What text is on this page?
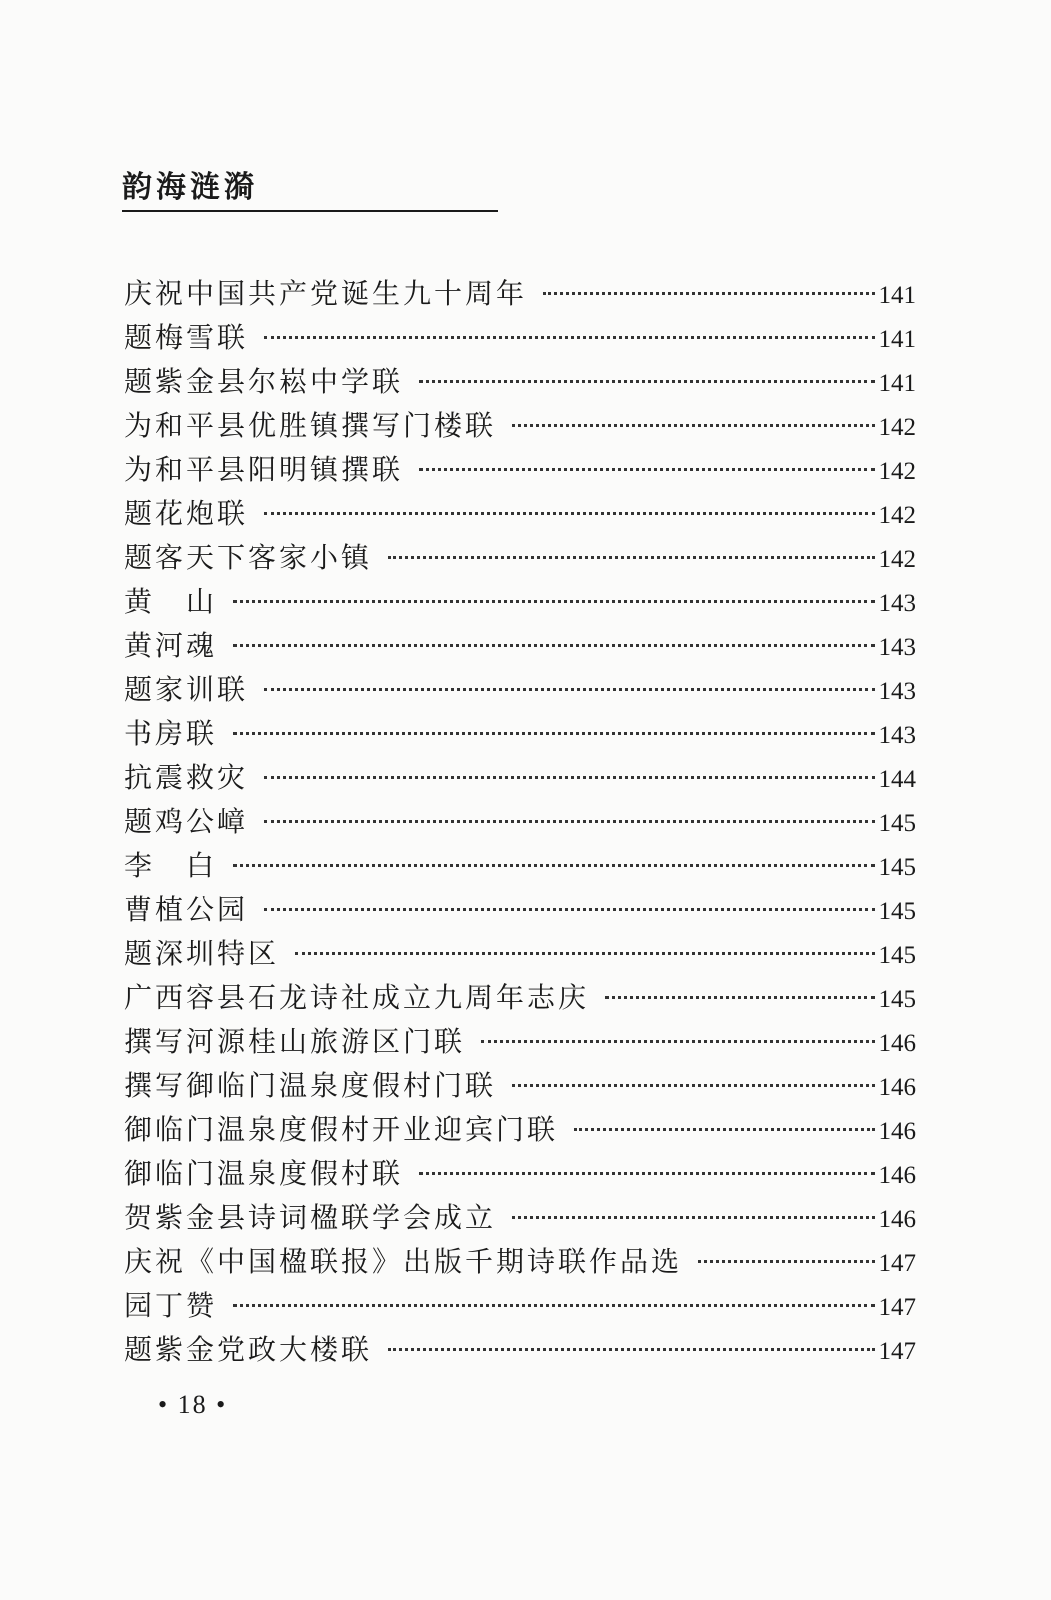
韵海涟漪
庆祝中国共产党诞生九十周年	141
题梅雪联	141
题紫金县尔崧中学联	141
为和平县优胜镇撰写门楼联	142
为和平县阳明镇撰联	142
题花炮联	142
题客天下客家小镇	142
黄　山	143
黄河魂	143
题家训联	143
书房联	143
抗震救灾	144
题鸡公嶂	145
李　白	145
曹植公园	145
题深圳特区	145
广西容县石龙诗社成立九周年志庆	145
撰写河源桂山旅游区门联	146
撰写御临门温泉度假村门联	146
御临门温泉度假村开业迎宾门联	146
御临门温泉度假村联	146
贺紫金县诗词楹联学会成立	146
庆祝《中国楹联报》出版千期诗联作品选	147
园丁赞	147
题紫金党政大楼联	147
• 18 •
